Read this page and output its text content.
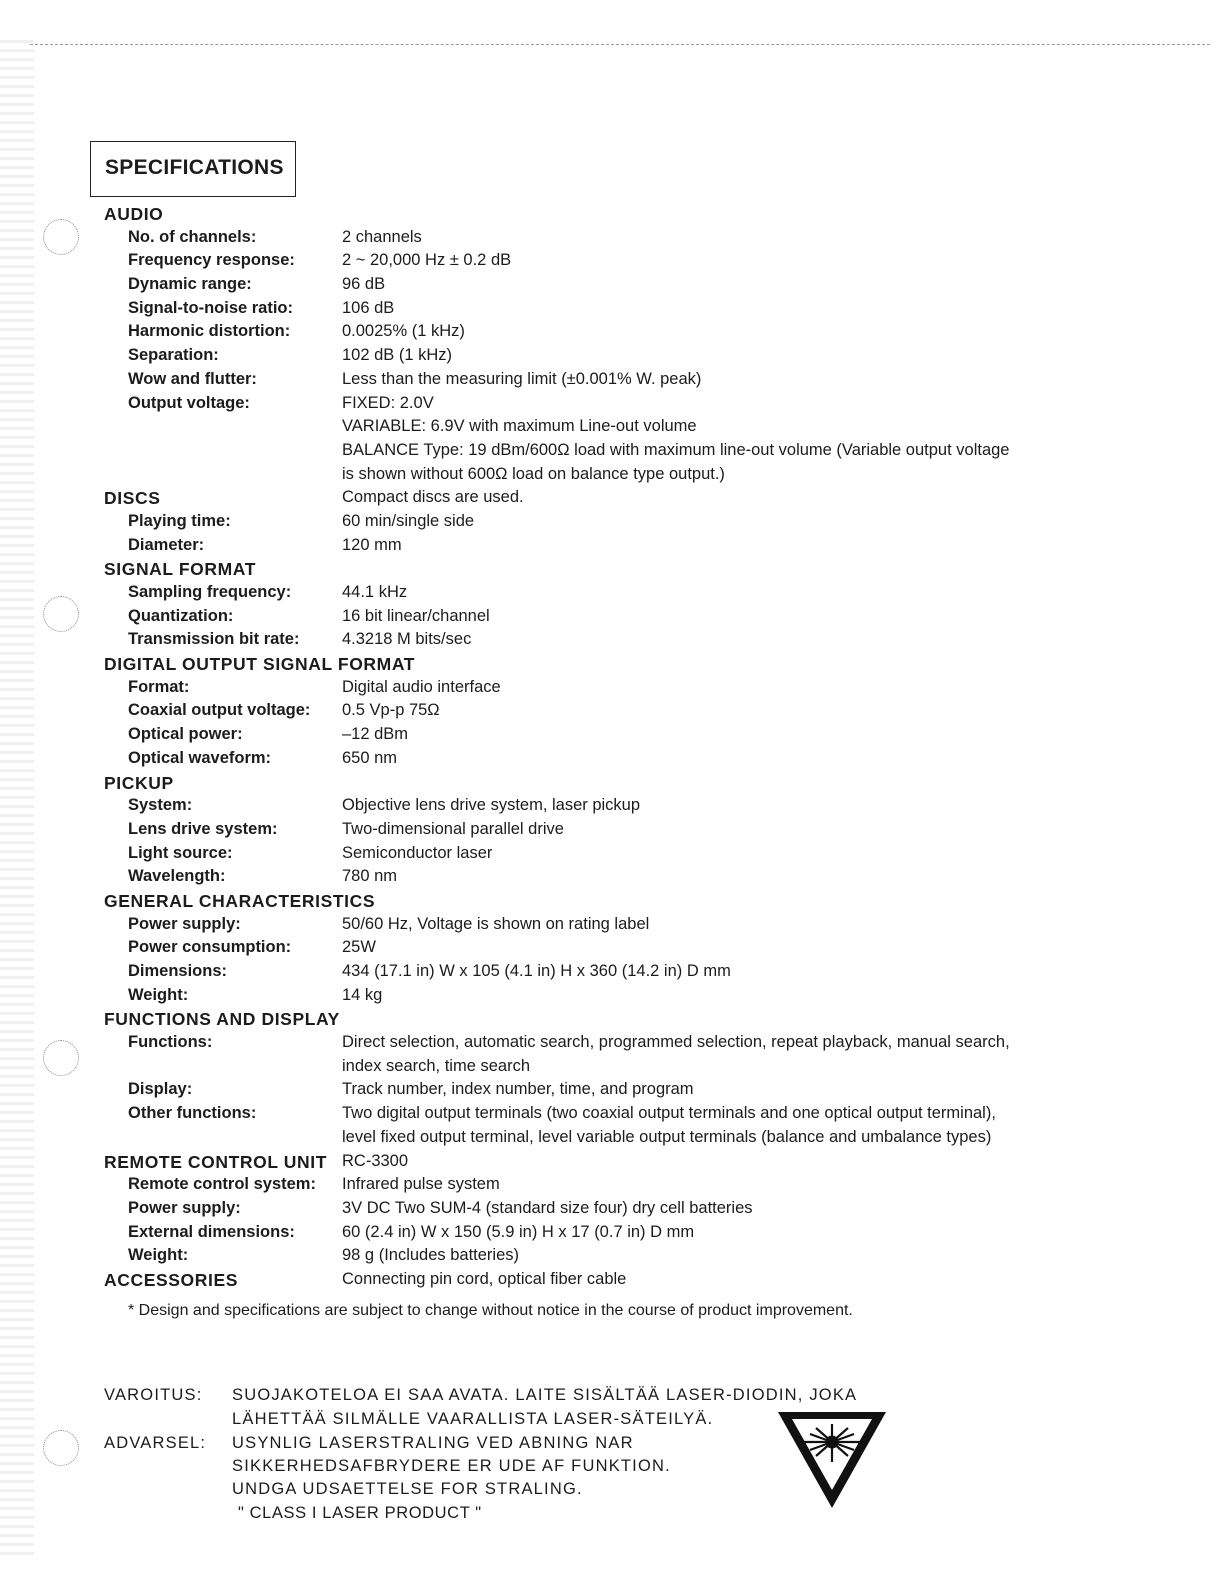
SPECIFICATIONS
AUDIO
No. of channels:	2 channels
Frequency response:	2 ~ 20,000 Hz ± 0.2 dB
Dynamic range:	96 dB
Signal-to-noise ratio:	106 dB
Harmonic distortion:	0.0025% (1 kHz)
Separation:	102 dB (1 kHz)
Wow and flutter:	Less than the measuring limit (±0.001% W. peak)
Output voltage:	FIXED: 2.0V
VARIABLE: 6.9V with maximum Line-out volume
BALANCE Type: 19 dBm/600Ω load with maximum line-out volume (Variable output voltage
is shown without 600Ω load on balance type output.)
DISCS	Compact discs are used.
Playing time:	60 min/single side
Diameter:	120 mm
SIGNAL FORMAT
Sampling frequency:	44.1 kHz
Quantization:	16 bit linear/channel
Transmission bit rate:	4.3218 M bits/sec
DIGITAL OUTPUT SIGNAL FORMAT
Format:	Digital audio interface
Coaxial output voltage: 0.5 Vp-p 75Ω
Optical power:	–12 dBm
Optical waveform:	650 nm
PICKUP
System:	Objective lens drive system, laser pickup
Lens drive system:	Two-dimensional parallel drive
Light source:	Semiconductor laser
Wavelength:	780 nm
GENERAL CHARACTERISTICS
Power supply:	50/60 Hz, Voltage is shown on rating label
Power consumption:	25W
Dimensions:	434 (17.1 in) W x 105 (4.1 in) H x 360 (14.2 in) D mm
Weight:	14 kg
FUNCTIONS AND DISPLAY
Functions:	Direct selection, automatic search, programmed selection, repeat playback, manual search,
index search, time search
Display:	Track number, index number, time, and program
Other functions:	Two digital output terminals (two coaxial output terminals and one optical output terminal),
level fixed output terminal, level variable output terminals (balance and umbalance types)
REMOTE CONTROL UNIT RC-3300
Remote control system: Infrared pulse system
Power supply:	3V DC Two SUM-4 (standard size four) dry cell batteries
External dimensions:	60 (2.4 in) W x 150 (5.9 in) H x 17 (0.7 in) D mm
Weight:	98 g (Includes batteries)
ACCESSORIES	Connecting pin cord, optical fiber cable
* Design and specifications are subject to change without notice in the course of product improvement.
VAROITUS: SUOJAKOTELOA EI SAA AVATA. LAITE SISÄLTÄÄ LASER-DIODIN, JOKA
LÄHETTÄÄ SILMÄLLE VAARALLISTA LASER-SÄTEILYÄ.
ADVARSEL: USYNLIG LASERSTRALING VED ABNING NAR
SIKKERHEDSAFBRYDERE ER UDE AF FUNKTION.
UNDGA UDSAETTELSE FOR STRALING.
" CLASS I LASER PRODUCT "
